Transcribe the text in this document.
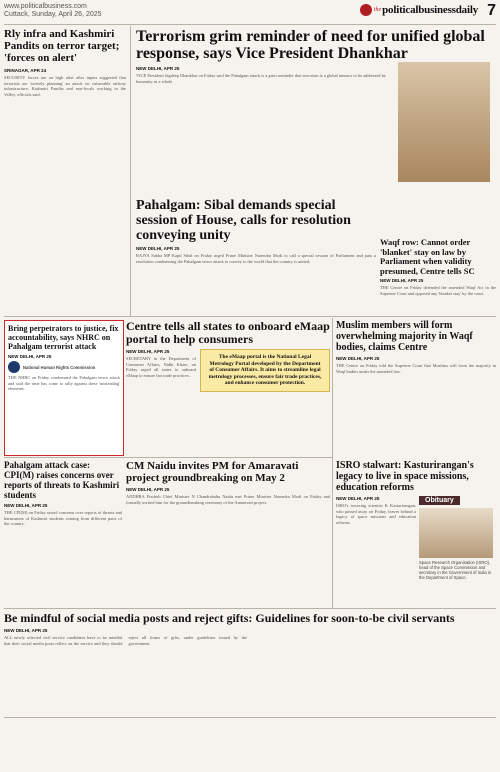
www.politicalbusiness.com
Cuttack, Sunday, April 26, 2025
the politicalbusinessdaily 7
Rly infra and Kashmiri Pandits on terror target; 'forces on alert'
SRINAGAR, APR 24
SECURITY forces are on high alert after inputs suggested that terrorists are 'actively planning' an attack on vulnerable railway infrastructure, Kashmiri Pandits and non-locals working in the Valley, officials said.
Terrorism grim reminder of need for unified global response, says Vice President Dhankhar
NEW DELHI, APR 25
VICE President Jagdeep Dhankhar on Friday said the Pahalgam attack is a grim reminder that terrorism is a global menace to be addressed by humanity as a whole.
Pahalgam: Sibal demands special session of House, calls for resolution conveying unity
NEW DELHI, APR 25
RAJYA Sabha MP Kapil Sibal on Friday urged Prime Minister Narendra Modi to call a special session of Parliament and pass a resolution condemning the Pahalgam terror attack to convey to the world that the country is united.
Waqf row: Cannot order 'blanket' stay on law by Parliament when validity presumed, Centre tells SC
NEW DELHI, APR 25
THE Centre on Friday defended the amended Waqf Act in the Supreme Court and opposed any 'blanket stay' by the court.
Bring perpetrators to justice, fix accountability, says NHRC on Pahalgam terrorist attack
NEW DELHI, APR 25
National Human Rights Commission
THE NHRC on Friday condemned the Pahalgam terror attack and said the time has come to rally against these 'misleading' elements.
Centre tells all states to onboard eMaap portal to help consumers
NEW DELHI, APR 25
SECRETARY in the Department of Consumer Affairs, Nidhi Khare, on Friday urged all states to onboard eMaap to ensure fair trade practices.
The eMaap portal is the National Legal Metrology Portal developed by the Department of Consumer Affairs. It aims to streamline legal metrology processes, ensure fair trade practices, and enhance consumer protection.
Muslim members will form overwhelming majority in Waqf bodies, claims Centre
NEW DELHI, APR 25
THE Centre on Friday told the Supreme Court that Muslims will form the majority in Waqf bodies under the amended law.
Pahalgam attack case: CPI(M) raises concerns over reports of threats to Kashmiri students
NEW DELHI, APR 25
THE CPI(M) on Friday raised concerns over reports of threats and harassment of Kashmiri students coming from different parts of the country.
CM Naidu invites PM for Amaravati project groundbreaking on May 2
NEW DELHI, APR 25
ANDHRA Pradesh Chief Minister N Chandrababu Naidu met Prime Minister Narendra Modi on Friday and formally invited him for the groundbreaking ceremony of the Amaravati project.
ISRO stalwart: Kasturirangan's legacy to live in space missions, education reforms
NEW DELHI, APR 25
ISRO's towering scientist K Kasturirangan, who passed away on Friday, leaves behind a legacy of space missions and education reforms.
Obituary
Space Research Organisation (ISRO), head of the Space Commission and secretary in the Government of India in the Department of Space.
Be mindful of social media posts and reject gifts: Guidelines for soon-to-be civil servants
NEW DELHI, APR 25
ALL newly selected civil service candidates have to be mindful that their social media posts reflect on the service and they should reject all forms of gifts, under guidelines issued by the government.
